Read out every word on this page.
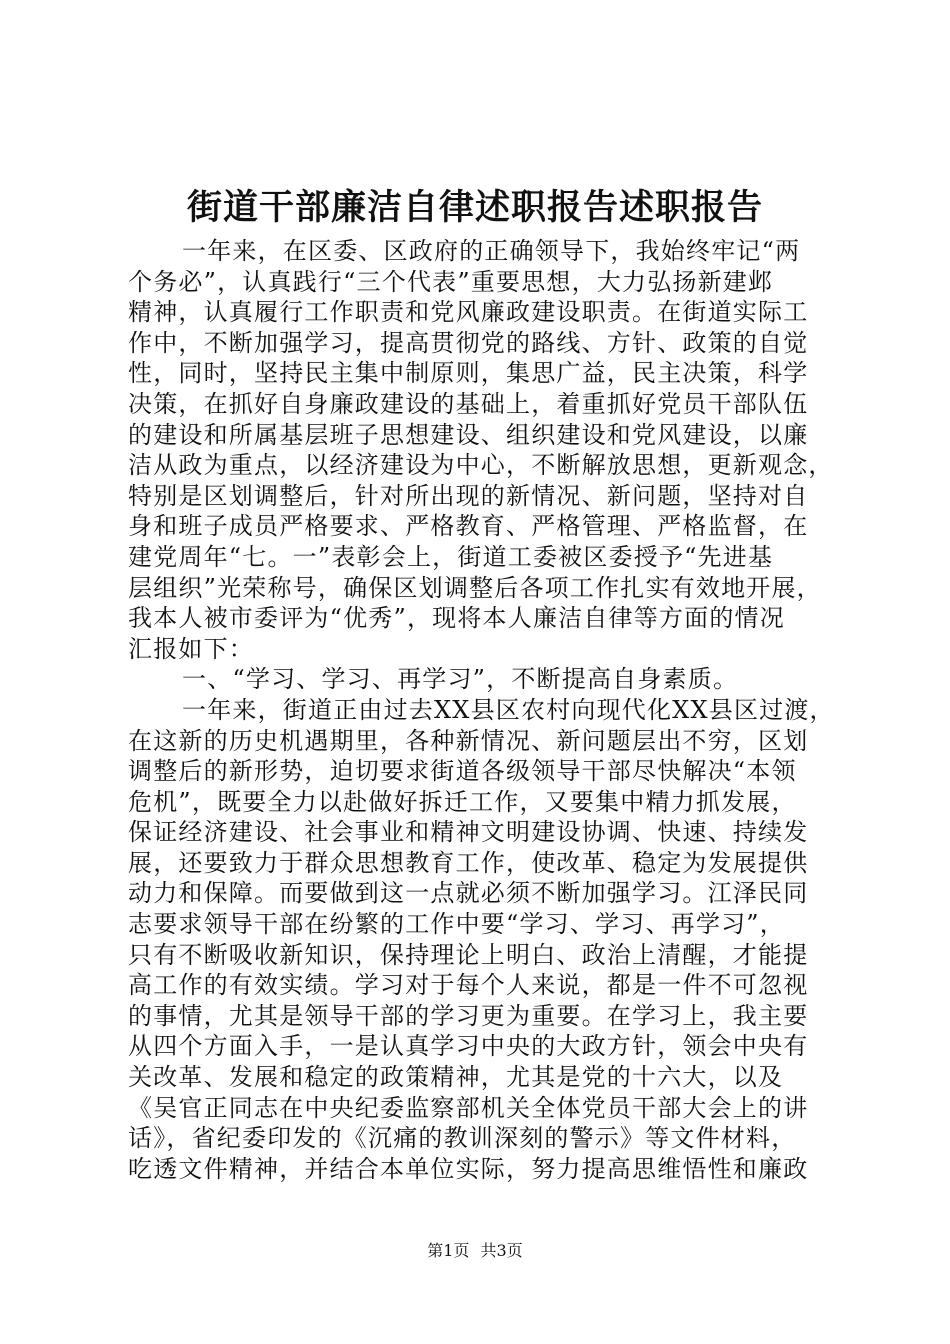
街道干部廉洁自律述职报告述职报告
一年来，在区委、区政府的正确领导下，我始终牢记“两
个务必”，认真践行“三个代表”重要思想，大力弘扬新建邺
精神，认真履行工作职责和党风廉政建设职责。在街道实际工
作中，不断加强学习，提高贯彻党的路线、方针、政策的自觉
性，同时，坚持民主集中制原则，集思广益，民主决策，科学
决策，在抓好自身廉政建设的基础上，着重抓好党员干部队伍
的建设和所属基层班子思想建设、组织建设和党风建设，以廉
洁从政为重点，以经济建设为中心，不断解放思想，更新观念，
特别是区划调整后，针对所出现的新情况、新问题，坚持对自
身和班子成员严格要求、严格教育、严格管理、严格监督，在
建党周年“七。一”表彰会上，街道工委被区委授予“先进基
层组织”光荣称号，确保区划调整后各项工作扎实有效地开展，
我本人被市委评为“优秀”，现将本人廉洁自律等方面的情况
汇报如下：
一、“学习、学习、再学习”，不断提高自身素质。
一年来，街道正由过去XX县区农村向现代化XX县区过渡，
在这新的历史机遇期里，各种新情况、新问题层出不穷，区划
调整后的新形势，迫切要求街道各级领导干部尽快解决“本领
危机”，既要全力以赴做好拆迁工作，又要集中精力抓发展，
保证经济建设、社会事业和精神文明建设协调、快速、持续发
展，还要致力于群众思想教育工作，使改革、稳定为发展提供
动力和保障。而要做到这一点就必须不断加强学习。江泽民同
志要求领导干部在纷繁的工作中要“学习、学习、再学习”，
只有不断吸收新知识，保持理论上明白、政治上清醒，才能提
高工作的有效实绩。学习对于每个人来说，都是一件不可忽视
的事情，尤其是领导干部的学习更为重要。在学习上，我主要
从四个方面入手，一是认真学习中央的大政方针，领会中央有
关改革、发展和稳定的政策精神，尤其是党的十六大，以及
《吴官正同志在中央纪委监察部机关全体党员干部大会上的讲
话》，省纪委印发的《沉痛的教训深刻的警示》等文件材料，
吃透文件精神，并结合本单位实际，努力提高思维悟性和廉政
第1页 共3页
